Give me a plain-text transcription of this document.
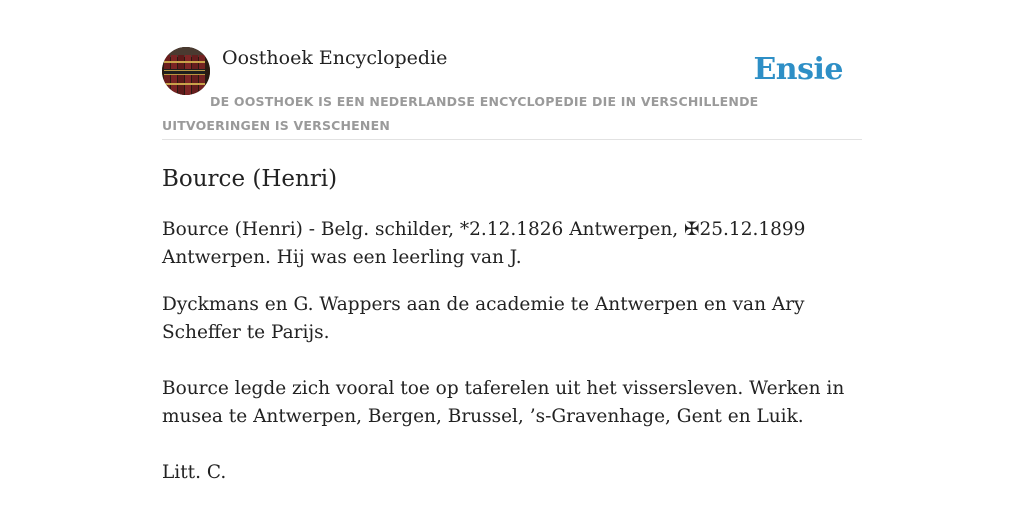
Oosthoek Encyclopedie	Ensie
DE OOSTHOEK IS EEN NEDERLANDSE ENCYCLOPEDIE DIE IN VERSCHILLENDE UITVOERINGEN IS VERSCHENEN
Bource (Henri)

Bource (Henri) - Belg. schilder, *2.12.1826 Antwerpen, ✠25.12.1899 Antwerpen. Hij was een leerling van J.

Dyckmans en G. Wappers aan de academie te Antwerpen en van Ary Scheffer te Parijs.

Bource legde zich vooral toe op taferelen uit het vissersleven. Werken in musea te Antwerpen, Bergen, Brussel, ’s-Gravenhage, Gent en Luik.

Litt. C.
